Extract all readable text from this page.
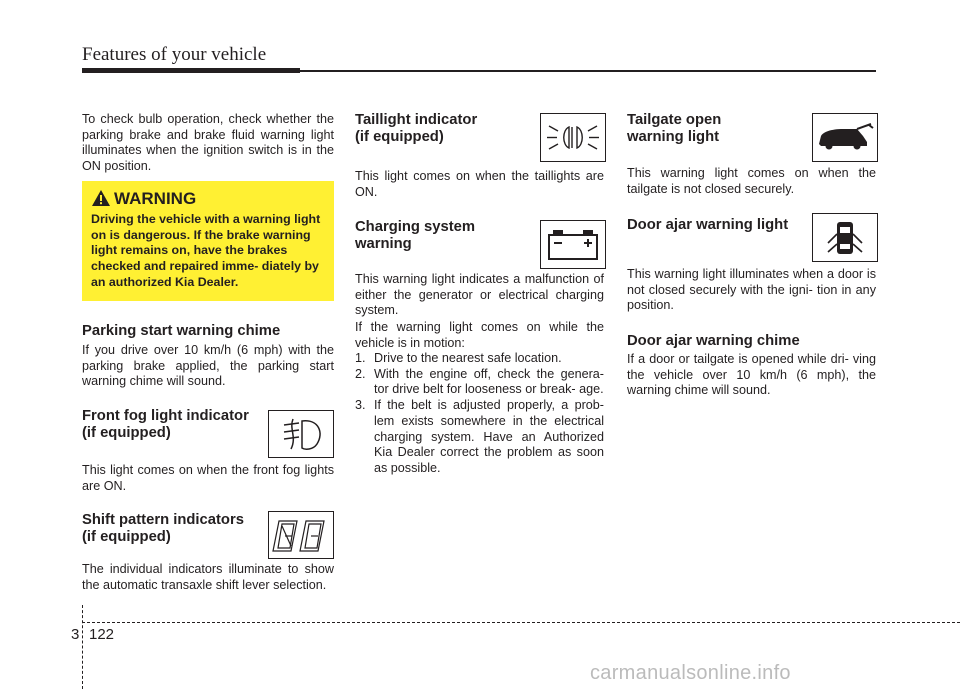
Features of your vehicle

To check bulb operation, check whether the parking brake and brake fluid warning light illuminates when the ignition switch is in the ON position.

WARNING
Driving the vehicle with a warning light on is dangerous. If the brake warning light remains on, have the brakes checked and repaired imme- diately by an authorized Kia Dealer.
Parking start warning chime

If you drive over 10 km/h (6 mph) with the parking brake applied, the parking start warning chime will sound.

Front fog light indicator
(if equipped)

This light comes on when the front fog lights are ON.

Shift pattern indicators
(if equipped)

The individual indicators illuminate to show the automatic transaxle shift lever selection.

Taillight indicator
(if equipped)

This light comes on when the taillights are ON.

Charging system
warning

This warning light indicates a malfunction of either the generator or electrical charging system.

If the warning light comes on while the vehicle is in motion:

1. Drive to the nearest safe location.
2. With the engine off, check the genera- tor drive belt for looseness or break- age.
3. If the belt is adjusted properly, a prob- lem exists somewhere in the electrical charging system. Have an Authorized Kia Dealer correct the problem as soon as possible.
Tailgate open
warning light

This warning light comes on when the tailgate is not closed securely.

Door ajar warning light

This warning light illuminates when a door is not closed securely with the igni- tion in any position.

Door ajar warning chime

If a door or tailgate is opened while dri- ving the vehicle over 10 km/h (6 mph), the warning chime will sound.

3 122
carmanualsonline.info
